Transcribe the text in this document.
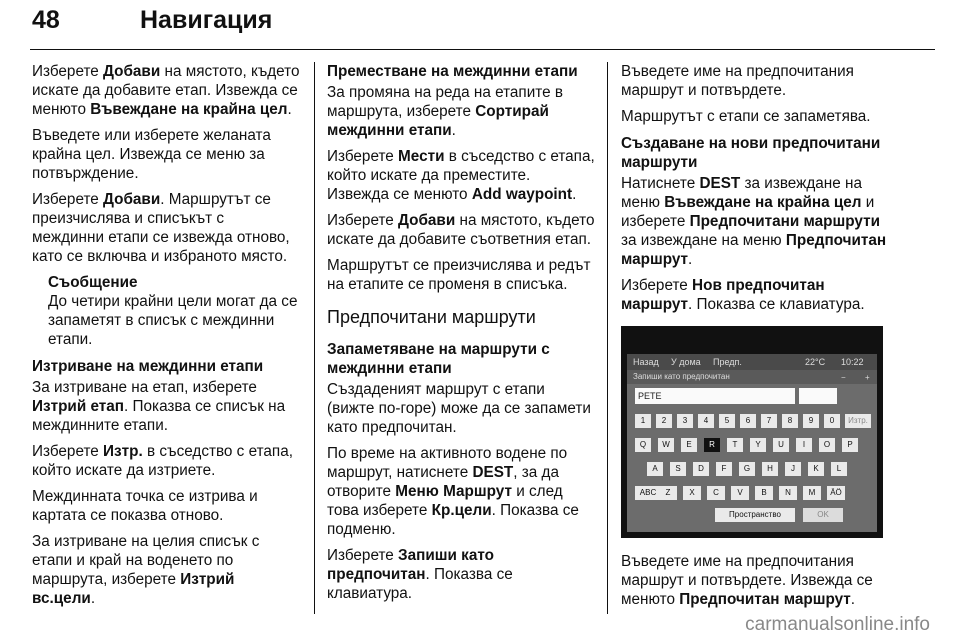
48	Навигация

Изберете Добави на мястото, където искате да добавите етап. Извежда се менюто Въвеждане на крайна цел.

Въведете или изберете желаната крайна цел. Извежда се меню за потвърждение.

Изберете Добави. Маршрутът се преизчислява и списъкът с междинни етапи се извежда отново, като се включва и избраното място.

Съобщение
До четири крайни цели могат да се запаметят в списък с междинни етапи.
Изтриване на междинни етапи

За изтриване на етап, изберете Изтрий етап. Показва се списък на междинните етапи.

Изберете Изтр. в съседство с етапа, който искате да изтриете.

Междинната точка се изтрива и картата се показва отново.

За изтриване на целия списък с етапи и край на воденето по маршрута, изберете Изтрий вс.цели.

Преместване на междинни етапи

За промяна на реда на етапите в маршрута, изберете Сортирай междинни етапи.

Изберете Мести в съседство с етапа, който искате да преместите. Извежда се менюто Add waypoint.

Изберете Добави на мястото, където искате да добавите съответния етап.

Маршрутът се преизчислява и редът на етапите се променя в списъка.

Предпочитани маршрути
Запаметяване на маршрути с междинни етапи

Създаденият маршрут с етапи (вижте по-горе) може да се запамети като предпочитан.

По време на активното водене по маршрут, натиснете DEST, за да отворите Меню Маршрут и след това изберете Кр.цели. Показва се подменю.

Изберете Запиши като предпочитан. Показва се клавиатура.

Въведете име на предпочитания маршрут и потвърдете.

Маршрутът с етапи се запаметява.

Създаване на нови предпочитани маршрути

Натиснете DEST за извеждане на меню Въвеждане на крайна цел и изберете Предпочитани маршрути за извеждане на меню Предпочитан маршрут.

Изберете Нов предпочитан маршрут. Показва се клавиатура.

Назад У дома Предп.	22°C 10:22
Запиши като предпочитан	− +
PETE
1	2	3	4	5	6	7	8	9	0	Изтр.
Q	W	E	R	T	Y	U	I	O	P
A	S	D	F	G	H	J	K	L
ABC	Z	X	C	V	B	N	M	ÄÖ
Пространство	OK

Въведете име на предпочитания маршрут и потвърдете. Извежда се менюто Предпочитан маршрут.

carmanualsonline.info
